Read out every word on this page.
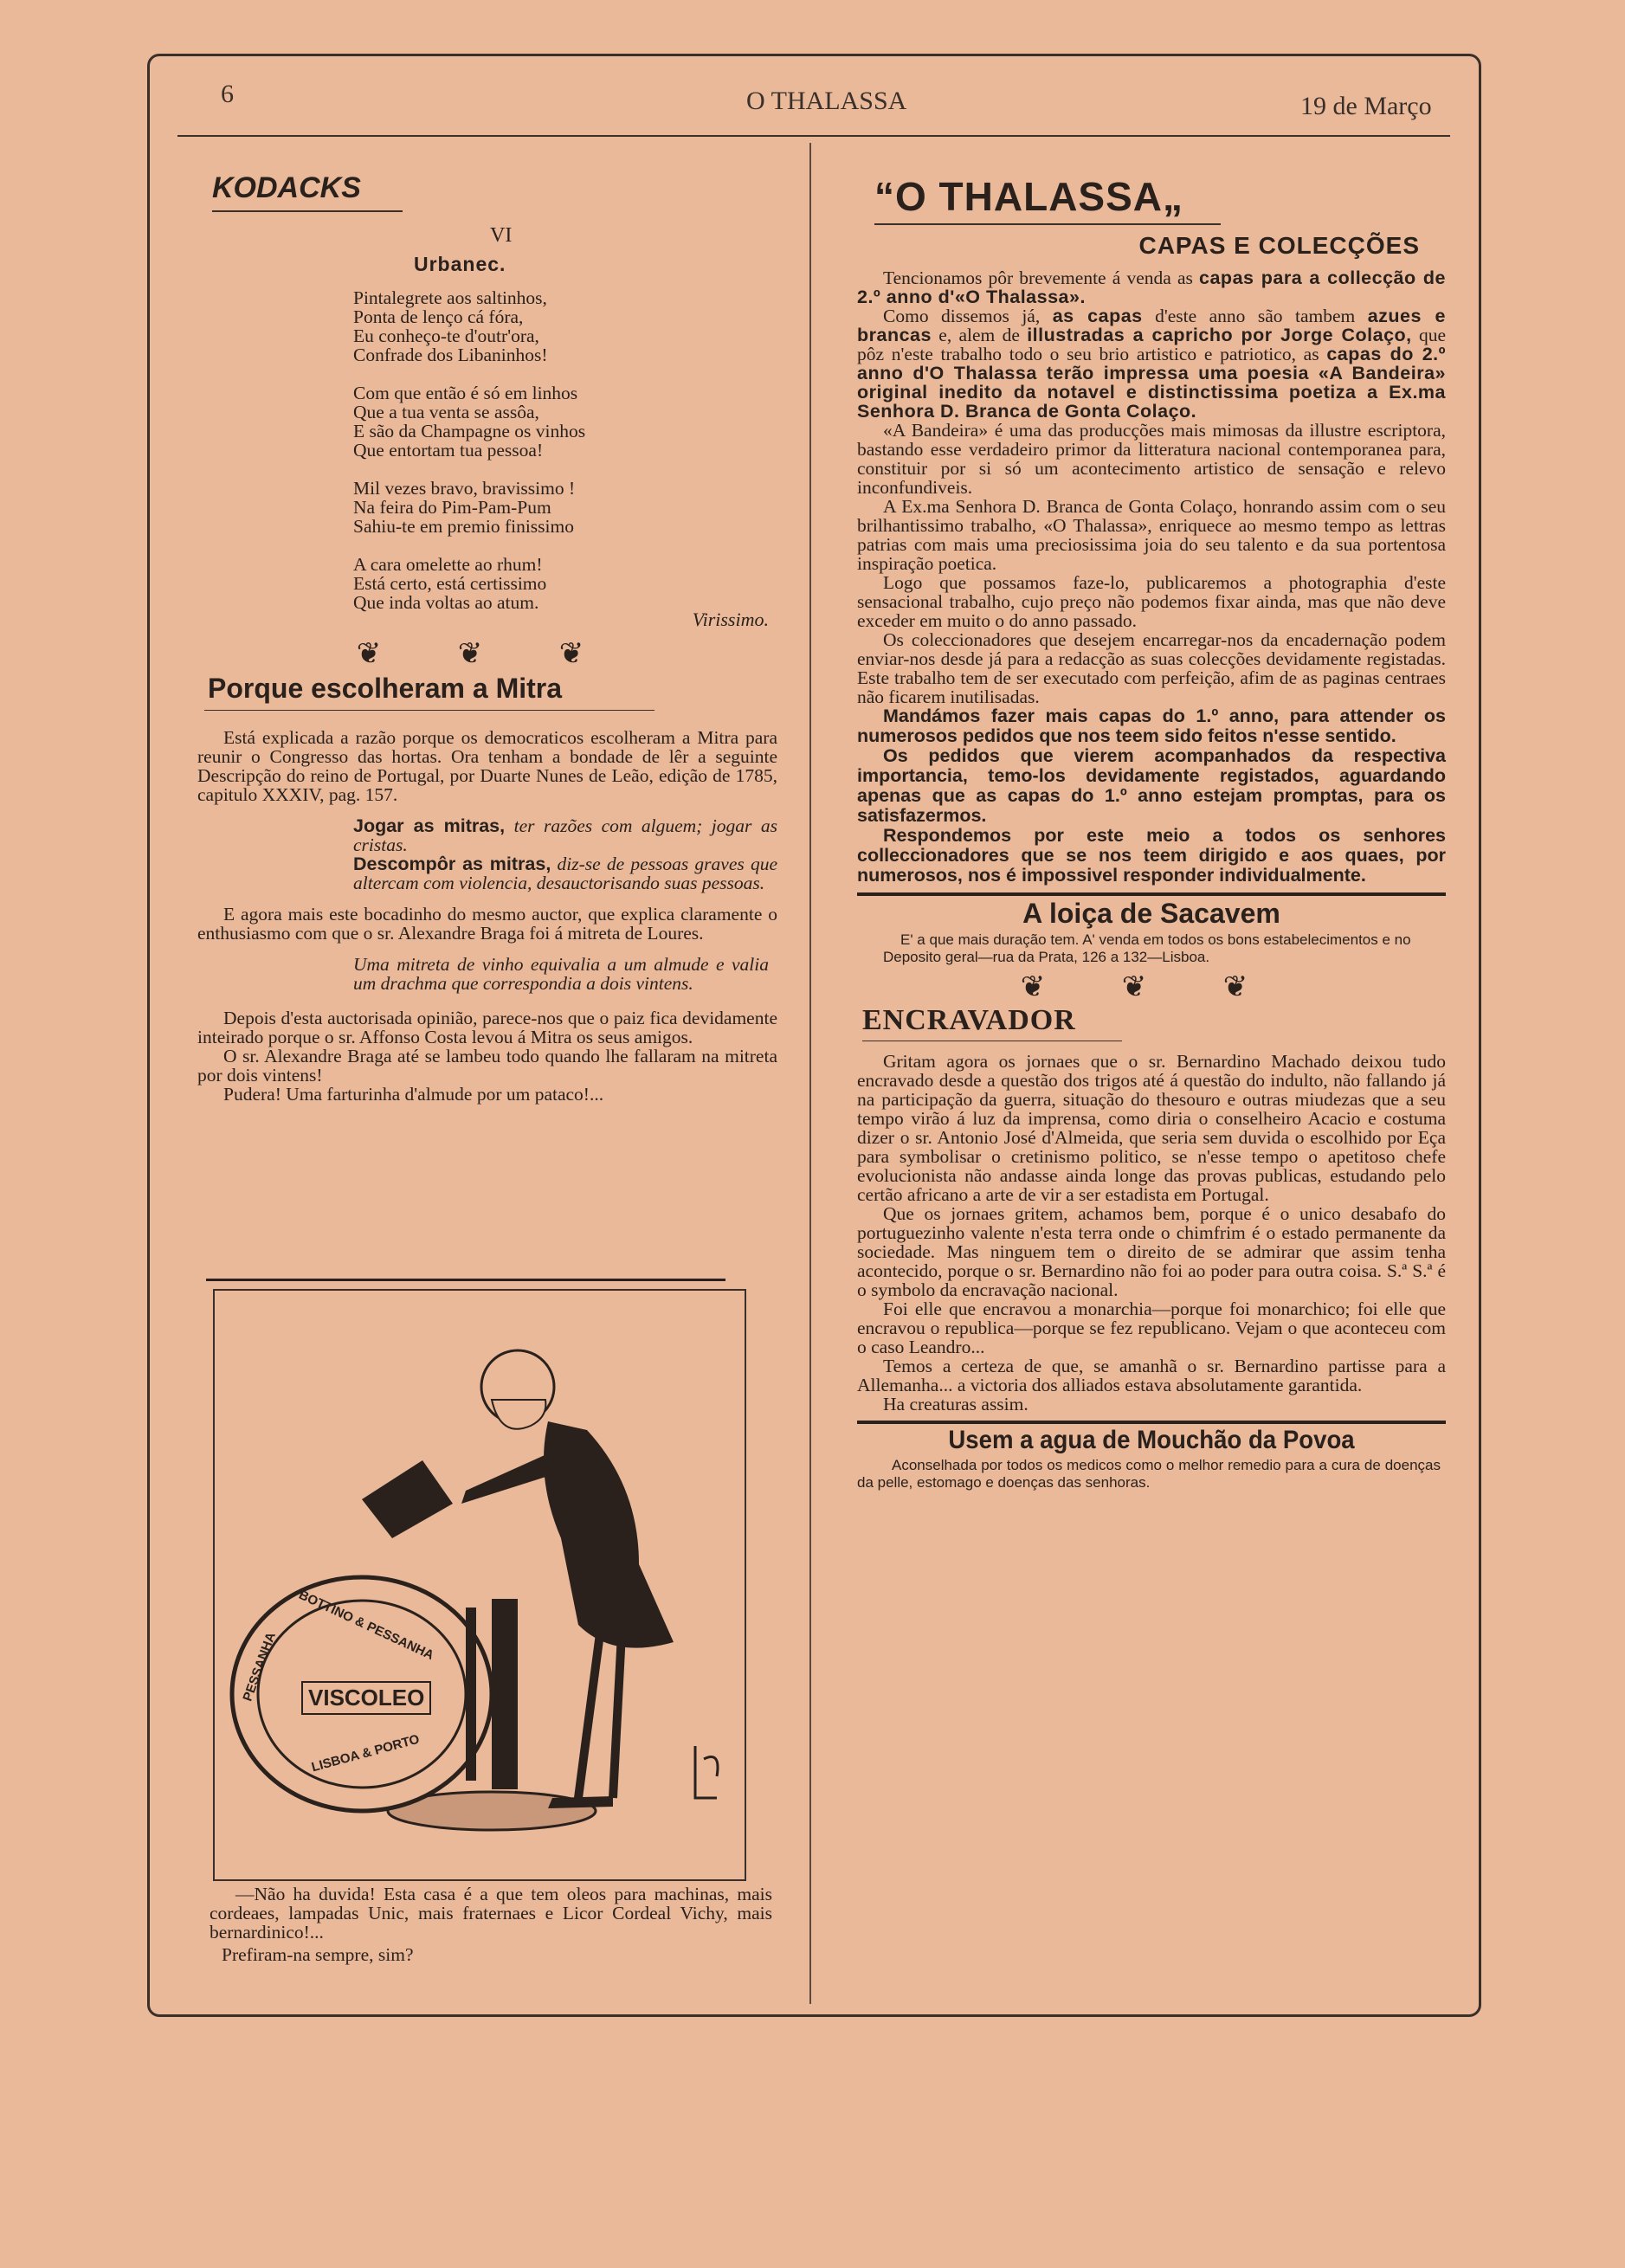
6	O THALASSA	19 de Março
KODACKS
VI
Urbanec.
Pintalegrete aos saltinhos,
Ponta de lenço cá fóra,
Eu conheço-te d'outr'ora,
Confrade dos Libaninhos!
Com que então é só em linhos
Que a tua venta se assôa,
E são da Champagne os vinhos
Que entortam tua pessoa!
Mil vezes bravo, bravissimo !
Na feira do Pim-Pam-Pum
Sahiu-te em premio finissimo
A cara omelette ao rhum!
Está certo, está certissimo
Que inda voltas ao atum.
Virissimo.
❦ ❦ ❦
Porque escolheram a Mitra
Está explicada a razão porque os democraticos escolheram a Mitra para reunir o Congresso das hortas. Ora tenham a bondade de lêr a seguinte Descripção do reino de Portugal, por Duarte Nunes de Leão, edição de 1785, capitulo XXXIV, pag. 157.
Jogar as mitras, ter razões com alguem; jogar as cristas.
Descompôr as mitras, diz-se de pessoas graves que altercam com violencia, desauctorisando suas pessoas.
E agora mais este bocadinho do mesmo auctor, que explica claramente o enthusiasmo com que o sr. Alexandre Braga foi á mitreta de Loures.
Uma mitreta de vinho equivalia a um almude e valia um drachma que correspondia a dois vintens.
Depois d'esta auctorisada opinião, parece-nos que o paiz fica devidamente inteirado porque o sr. Affonso Costa levou á Mitra os seus amigos.
O sr. Alexandre Braga até se lambeu todo quando lhe fallaram na mitreta por dois vintens!
Pudera! Uma farturinha d'almude por um pataco!...
BOTTINO & PESSANHA
PESSANHA	VISCOLEO
LISBOA & PORTO
—Não ha duvida! Esta casa é a que tem oleos para machinas, mais cordeaes, lampadas Unic, mais fraternaes e Licor Cordeal Vichy, mais bernardinico!...
Prefiram-na sempre, sim?
“O THALASSA„
CAPAS E COLECÇÕES
Tencionamos pôr brevemente á venda as capas para a collecção de 2.º anno d'«O Thalassa».
Como dissemos já, as capas d'este anno são tambem azues e brancas e, alem de illustradas a capricho por Jorge Colaço, que pôz n'este trabalho todo o seu brio artistico e patriotico, as capas do 2.º anno d'O Thalassa terão impressa uma poesia «A Bandeira» original inedito da notavel e distinctissima poetiza a Ex.ma Senhora D. Branca de Gonta Colaço.
«A Bandeira» é uma das producções mais mimosas da illustre escriptora, bastando esse verdadeiro primor da litteratura nacional contemporanea para, constituir por si só um acontecimento artistico de sensação e relevo inconfundiveis.
A Ex.ma Senhora D. Branca de Gonta Colaço, honrando assim com o seu brilhantissimo trabalho, «O Thalassa», enriquece ao mesmo tempo as lettras patrias com mais uma preciosissima joia do seu talento e da sua portentosa inspiração poetica.
Logo que possamos faze-lo, publicaremos a photographia d'este sensacional trabalho, cujo preço não podemos fixar ainda, mas que não deve exceder em muito o do anno passado.
Os coleccionadores que desejem encarregar-nos da encadernação podem enviar-nos desde já para a redacção as suas colecções devidamente registadas. Este trabalho tem de ser executado com perfeição, afim de as paginas centraes não ficarem inutilisadas.
Mandámos fazer mais capas do 1.º anno, para attender os numerosos pedidos que nos teem sido feitos n'esse sentido.
Os pedidos que vierem acompanhados da respectiva importancia, temo-los devidamente registados, aguardando apenas que as capas do 1.º anno estejam promptas, para os satisfazermos.
Respondemos por este meio a todos os senhores colleccionadores que se nos teem dirigido e aos quaes, por numerosos, nos é impossivel responder individualmente.
A loiça de Sacavem
E' a que mais duração tem. A' venda em todos os bons estabelecimentos e no Deposito geral—rua da Prata, 126 a 132—Lisboa.
❦ ❦ ❦
ENCRAVADOR
Gritam agora os jornaes que o sr. Bernardino Machado deixou tudo encravado desde a questão dos trigos até á questão do indulto, não fallando já na participação da guerra, situação do thesouro e outras miudezas que a seu tempo virão á luz da imprensa, como diria o conselheiro Acacio e costuma dizer o sr. Antonio José d'Almeida, que seria sem duvida o escolhido por Eça para symbolisar o cretinismo politico, se n'esse tempo o apetitoso chefe evolucionista não andasse ainda longe das provas publicas, estudando pelo certão africano a arte de vir a ser estadista em Portugal.
Que os jornaes gritem, achamos bem, porque é o unico desabafo do portuguezinho valente n'esta terra onde o chimfrim é o estado permanente da sociedade. Mas ninguem tem o direito de se admirar que assim tenha acontecido, porque o sr. Bernardino não foi ao poder para outra coisa. S.ª S.ª é o symbolo da encravação nacional.
Foi elle que encravou a monarchia—porque foi monarchico; foi elle que encravou o republica—porque se fez republicano. Vejam o que aconteceu com o caso Leandro...
Temos a certeza de que, se amanhã o sr. Bernardino partisse para a Allemanha... a victoria dos alliados estava absolutamente garantida.
Ha creaturas assim.
Usem a agua de Mouchão da Povoa
Aconselhada por todos os medicos como o melhor remedio para a cura de doenças da pelle, estomago e doenças das senhoras.
